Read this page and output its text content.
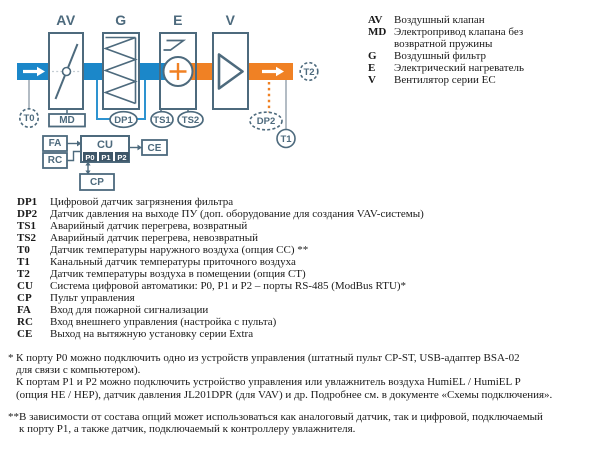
AV	G	E	V
T0	MD	DP1	TS1	TS2	DP2
T1
T2
FA
RC
CU
P0 P1 P2
CE
CP
AV	Воздушный клапан
MD Электропривод клапана без возвратной пружины
G	Воздушный фильтр
E	Электрический нагреватель
V	Вентилятор серии ЕС
DP1	Цифровой датчик загрязнения фильтра
DP2	Датчик давления на выходе ПУ (доп. оборудование для создания VAV-системы)
TS1	Аварийный датчик перегрева, возвратный
TS2	Аварийный датчик перегрева, невозвратный
T0	Датчик температуры наружного воздуха (опция СС) **
T1	Канальный датчик температуры приточного воздуха
T2	Датчик температуры воздуха в помещении (опция СТ)
CU	Система цифровой автоматики: P0, P1 и P2 – порты RS-485 (ModBus RTU)*
CP	Пульт управления
FA	Вход для пожарной сигнализации
RC	Вход внешнего управления (настройка с пульта)
CE	Выход на вытяжную установку серии Extra
* К порту P0 можно подключить одно из устройств управления (штатный пульт CP-ST, USB-адаптер BSA-02
для связи с компьютером).
К портам P1 и P2 можно подключить устройство управления или увлажнитель воздуха HumiEL / HumiEL P
(опция НЕ / НЕР), датчик давления JL201DPR (для VAV) и др. Подробнее см. в документе «Схемы подключения».
** В зависимости от состава опций может использоваться как аналоговый датчик, так и цифровой, подключаемый
к порту P1, а также датчик, подключаемый к контроллеру увлажнителя.
